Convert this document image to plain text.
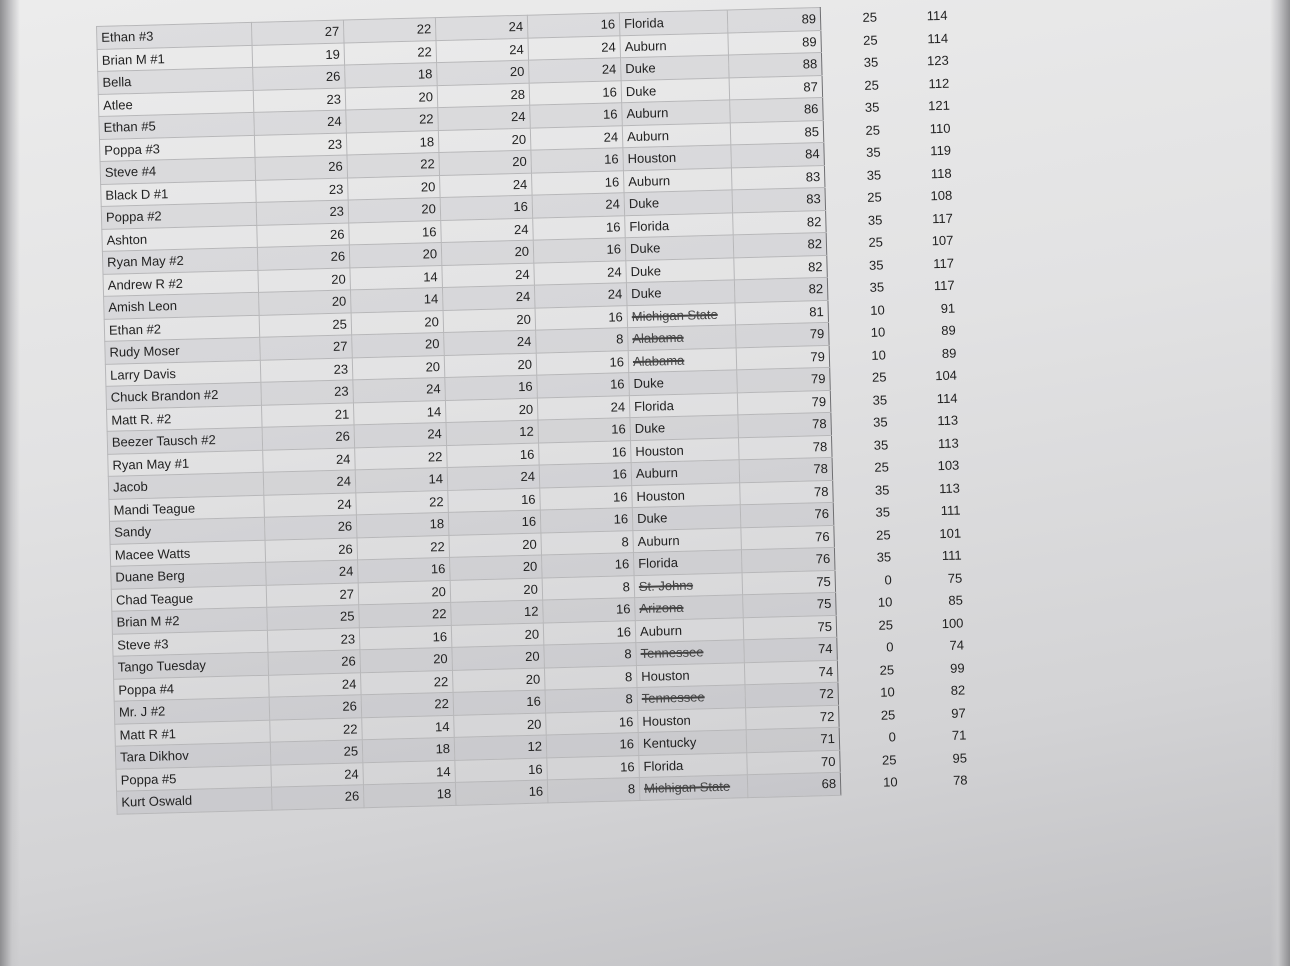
Ethan #3	27	22	24	16	Florida	89	25	114
Brian M #1	19	22	24	24	Auburn	89	25	114
Bella	26	18	20	24	Duke	88	35	123
Atlee	23	20	28	16	Duke	87	25	112
Ethan #5	24	22	24	16	Auburn	86	35	121
Poppa #3	23	18	20	24	Auburn	85	25	110
Steve #4	26	22	20	16	Houston	84	35	119
Black D #1	23	20	24	16	Auburn	83	35	118
Poppa #2	23	20	16	24	Duke	83	25	108
Ashton	26	16	24	16	Florida	82	35	117
Ryan May #2	26	20	20	16	Duke	82	25	107
Andrew R #2	20	14	24	24	Duke	82	35	117
Amish Leon	20	14	24	24	Duke	82	35	117
Ethan #2	25	20	20	16	Michigan State	81	10	91
Rudy Moser	27	20	24	8	Alabama	79	10	89
Larry Davis	23	20	20	16	Alabama	79	10	89
Chuck Brandon #2	23	24	16	16	Duke	79	25	104
Matt R. #2	21	14	20	24	Florida	79	35	114
Beezer Tausch #2	26	24	12	16	Duke	78	35	113
Ryan May #1	24	22	16	16	Houston	78	35	113
Jacob	24	14	24	16	Auburn	78	25	103
Mandi Teague	24	22	16	16	Houston	78	35	113
Sandy	26	18	16	16	Duke	76	35	111
Macee Watts	26	22	20	8	Auburn	76	25	101
Duane Berg	24	16	20	16	Florida	76	35	111
Chad Teague	27	20	20	8	St. Johns	75	0	75
Brian M #2	25	22	12	16	Arizona	75	10	85
Steve #3	23	16	20	16	Auburn	75	25	100
Tango Tuesday	26	20	20	8	Tennessee	74	0	74
Poppa #4	24	22	20	8	Houston	74	25	99
Mr. J #2	26	22	16	8	Tennessee	72	10	82
Matt R #1	22	14	20	16	Houston	72	25	97
Tara Dikhov	25	18	12	16	Kentucky	71	0	71
Poppa #5	24	14	16	16	Florida	70	25	95
Kurt Oswald	26	18	16	8	Michigan State	68	10	78
